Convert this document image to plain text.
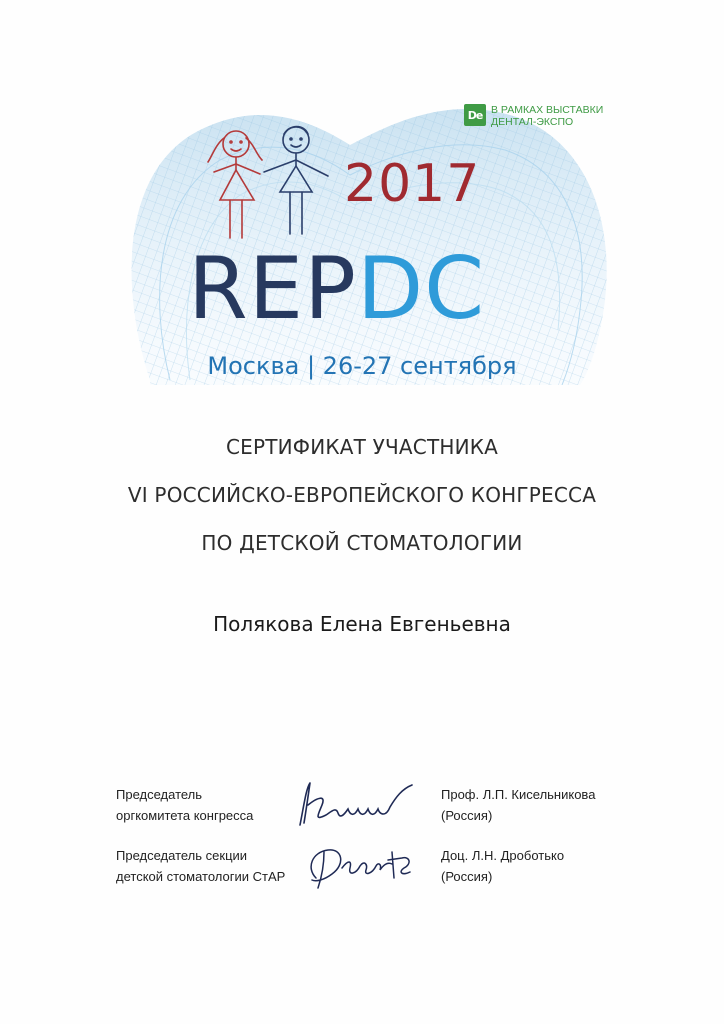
De В РАМКАХ ВЫСТАВКИ
ДЕНТАЛ-ЭКСПО
2017
REPDC
Москва | 26-27 сентября
СЕРТИФИКАТ УЧАСТНИКА
VI РОССИЙСКО-ЕВРОПЕЙСКОГО КОНГРЕССА
ПО ДЕТСКОЙ СТОМАТОЛОГИИ
Полякова Елена Евгеньевна
Председатель
оргкомитета конгресса
Проф. Л.П. Кисельникова
(Россия)
Председатель секции
детской стоматологии СтАР
Доц. Л.Н. Дроботько
(Россия)
